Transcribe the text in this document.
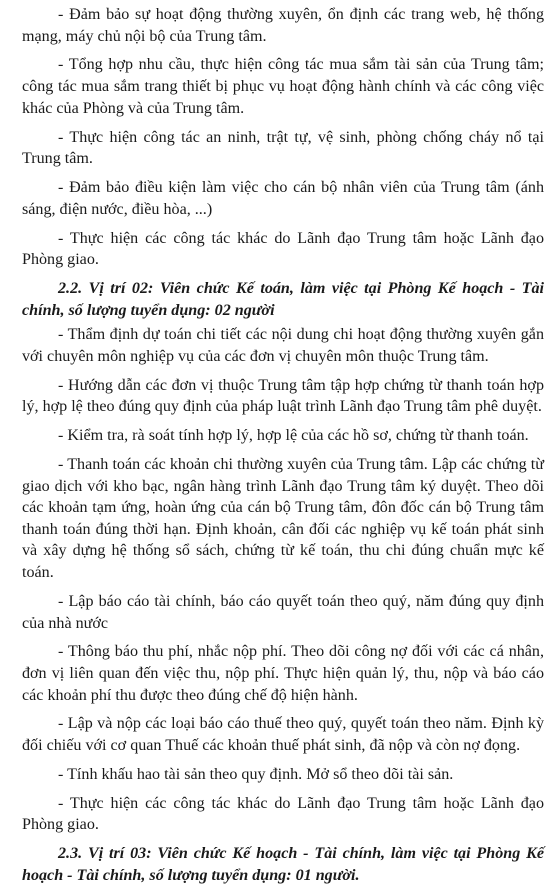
- Đảm bảo sự hoạt động thường xuyên, ổn định các trang web, hệ thống mạng, máy chủ nội bộ của Trung tâm.

- Tổng hợp nhu cầu, thực hiện công tác mua sắm tài sản của Trung tâm; công tác mua sắm trang thiết bị phục vụ hoạt động hành chính và các công việc khác của Phòng và của Trung tâm.

- Thực hiện công tác an ninh, trật tự, vệ sinh, phòng chống cháy nổ tại Trung tâm.

- Đảm bảo điều kiện làm việc cho cán bộ nhân viên của Trung tâm (ánh sáng, điện nước, điều hòa, ...)

- Thực hiện các công tác khác do Lãnh đạo Trung tâm hoặc Lãnh đạo Phòng giao.

2.2. Vị trí 02: Viên chức Kế toán, làm việc tại Phòng Kế hoạch - Tài chính, số lượng tuyển dụng: 02 người

- Thẩm định dự toán chi tiết các nội dung chi hoạt động thường xuyên gắn với chuyên môn nghiệp vụ của các đơn vị chuyên môn thuộc Trung tâm.

- Hướng dẫn các đơn vị thuộc Trung tâm tập hợp chứng từ thanh toán hợp lý, hợp lệ theo đúng quy định của pháp luật trình Lãnh đạo Trung tâm phê duyệt.

- Kiểm tra, rà soát tính hợp lý, hợp lệ của các hồ sơ, chứng từ thanh toán.

- Thanh toán các khoản chi thường xuyên của Trung tâm. Lập các chứng từ giao dịch với kho bạc, ngân hàng trình Lãnh đạo Trung tâm ký duyệt. Theo dõi các khoản tạm ứng, hoàn ứng của cán bộ Trung tâm, đôn đốc cán bộ Trung tâm thanh toán đúng thời hạn. Định khoản, cân đối các nghiệp vụ kế toán phát sinh và xây dựng hệ thống sổ sách, chứng từ kế toán, thu chi đúng chuẩn mực kế toán.

- Lập báo cáo tài chính, báo cáo quyết toán theo quý, năm đúng quy định của nhà nước

- Thông báo thu phí, nhắc nộp phí. Theo dõi công nợ đối với các cá nhân, đơn vị liên quan đến việc thu, nộp phí. Thực hiện quản lý, thu, nộp và báo cáo các khoản phí thu được theo đúng chế độ hiện hành.

- Lập và nộp các loại báo cáo thuế theo quý, quyết toán theo năm. Định kỳ đối chiếu với cơ quan Thuế các khoản thuế phát sinh, đã nộp và còn nợ đọng.

- Tính khấu hao tài sản theo quy định. Mở sổ theo dõi tài sản.

- Thực hiện các công tác khác do Lãnh đạo Trung tâm hoặc Lãnh đạo Phòng giao.

2.3. Vị trí 03: Viên chức Kế hoạch - Tài chính, làm việc tại Phòng Kế hoạch - Tài chính, số lượng tuyển dụng: 01 người.
